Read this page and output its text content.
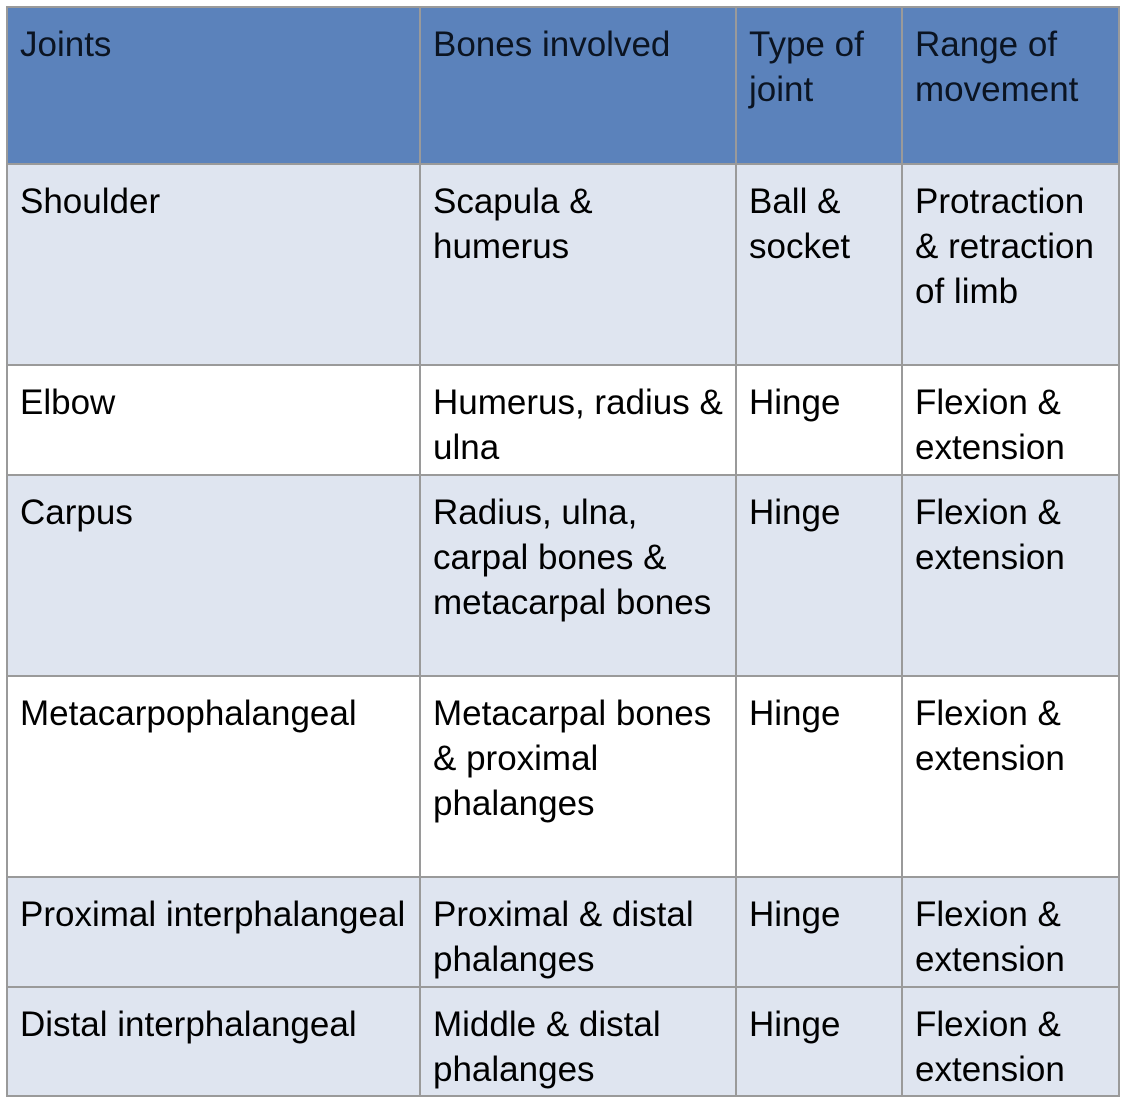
Joints	Bones involved	Type of joint	Range of movement
Shoulder	Scapula & humerus	Ball & socket	Protraction & retraction of limb
Elbow	Humerus, radius & ulna	Hinge	Flexion & extension
Carpus	Radius, ulna, carpal bones & metacarpal bones	Hinge	Flexion & extension
Metacarpophalangeal	Metacarpal bones & proximal phalanges	Hinge	Flexion & extension
Proximal interphalangeal	Proximal & distal phalanges	Hinge	Flexion & extension
Distal interphalangeal	Middle & distal phalanges	Hinge	Flexion & extension
